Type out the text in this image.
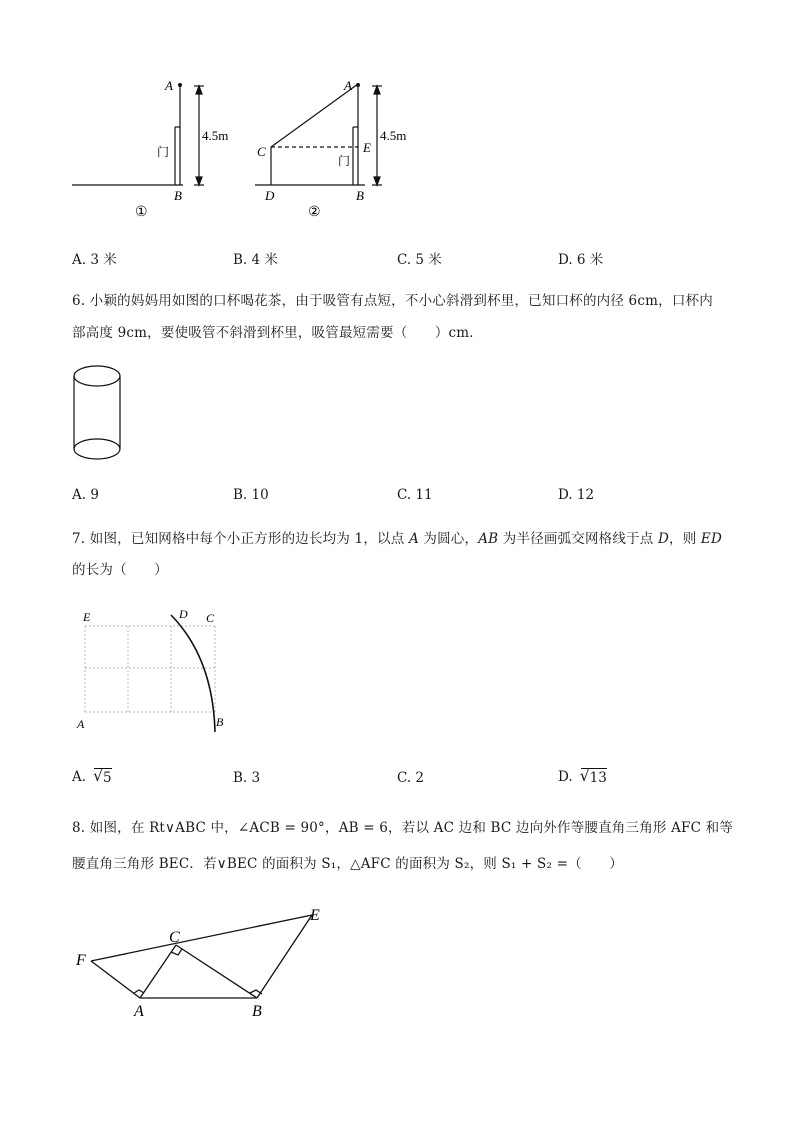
A
B
门
4.5m
①
A
B
C
D
E
门
4.5m
②
A. 3 米	B. 4 米	C. 5 米	D. 6 米
6. 小颖的妈妈用如图的口杯喝花茶，由于吸管有点短，不小心斜滑到杯里，已知口杯的内径 6cm，口杯内
部高度 9cm，要使吸管不斜滑到杯里，吸管最短需要（　　）cm．
A. 9	B. 10	C. 11	D. 12
7. 如图，已知网格中每个小正方形的边长均为 1，以点 A 为圆心，AB 为半径画弧交网格线于点 D，则 ED
的长为（　　）
E	D C
A	B
A. √ 5	B. 3	C. 2	D. √ 13
8. 如图，在 Rt∨ABC 中，∠ACB = 90°，AB = 6，若以 AC 边和 BC 边向外作等腰直角三角形 AFC 和等
腰直角三角形 BEC．若∨BEC 的面积为 S₁，△AFC 的面积为 S₂，则 S₁ + S₂ =（　　）
F
C
E
A	B
